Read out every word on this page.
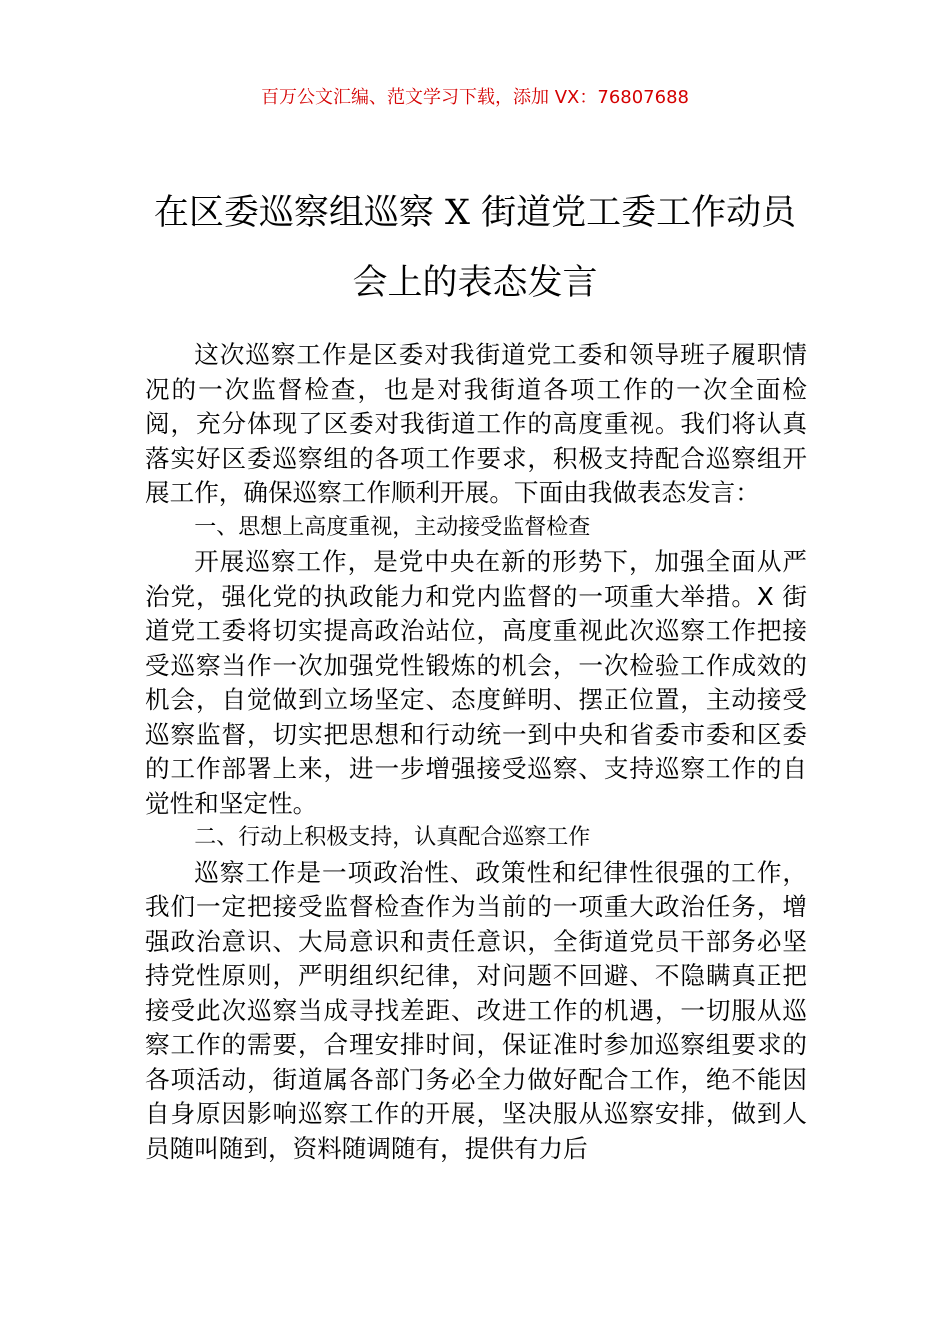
百万公文汇编、范文学习下载，添加 VX：76807688
在区委巡察组巡察 X 街道党工委工作动员
会上的表态发言

这次巡察工作是区委对我街道党工委和领导班子履职情况的一次监督检查，也是对我街道各项工作的一次全面检阅，充分体现了区委对我街道工作的高度重视。我们将认真落实好区委巡察组的各项工作要求，积极支持配合巡察组开展工作，确保巡察工作顺利开展。下面由我做表态发言：

一、思想上高度重视，主动接受监督检查

开展巡察工作，是党中央在新的形势下，加强全面从严治党，强化党的执政能力和党内监督的一项重大举措。X 街道党工委将切实提高政治站位，高度重视此次巡察工作把接受巡察当作一次加强党性锻炼的机会，一次检验工作成效的机会，自觉做到立场坚定、态度鲜明、摆正位置，主动接受巡察监督，切实把思想和行动统一到中央和省委市委和区委的工作部署上来，进一步增强接受巡察、支持巡察工作的自觉性和坚定性。

二、行动上积极支持，认真配合巡察工作

巡察工作是一项政治性、政策性和纪律性很强的工作，我们一定把接受监督检查作为当前的一项重大政治任务，增强政治意识、大局意识和责任意识，全街道党员干部务必坚持党性原则，严明组织纪律，对问题不回避、不隐瞒真正把接受此次巡察当成寻找差距、改进工作的机遇，一切服从巡察工作的需要，合理安排时间，保证准时参加巡察组要求的各项活动，街道属各部门务必全力做好配合工作，绝不能因自身原因影响巡察工作的开展，坚决服从巡察安排，做到人员随叫随到，资料随调随有，提供有力后
